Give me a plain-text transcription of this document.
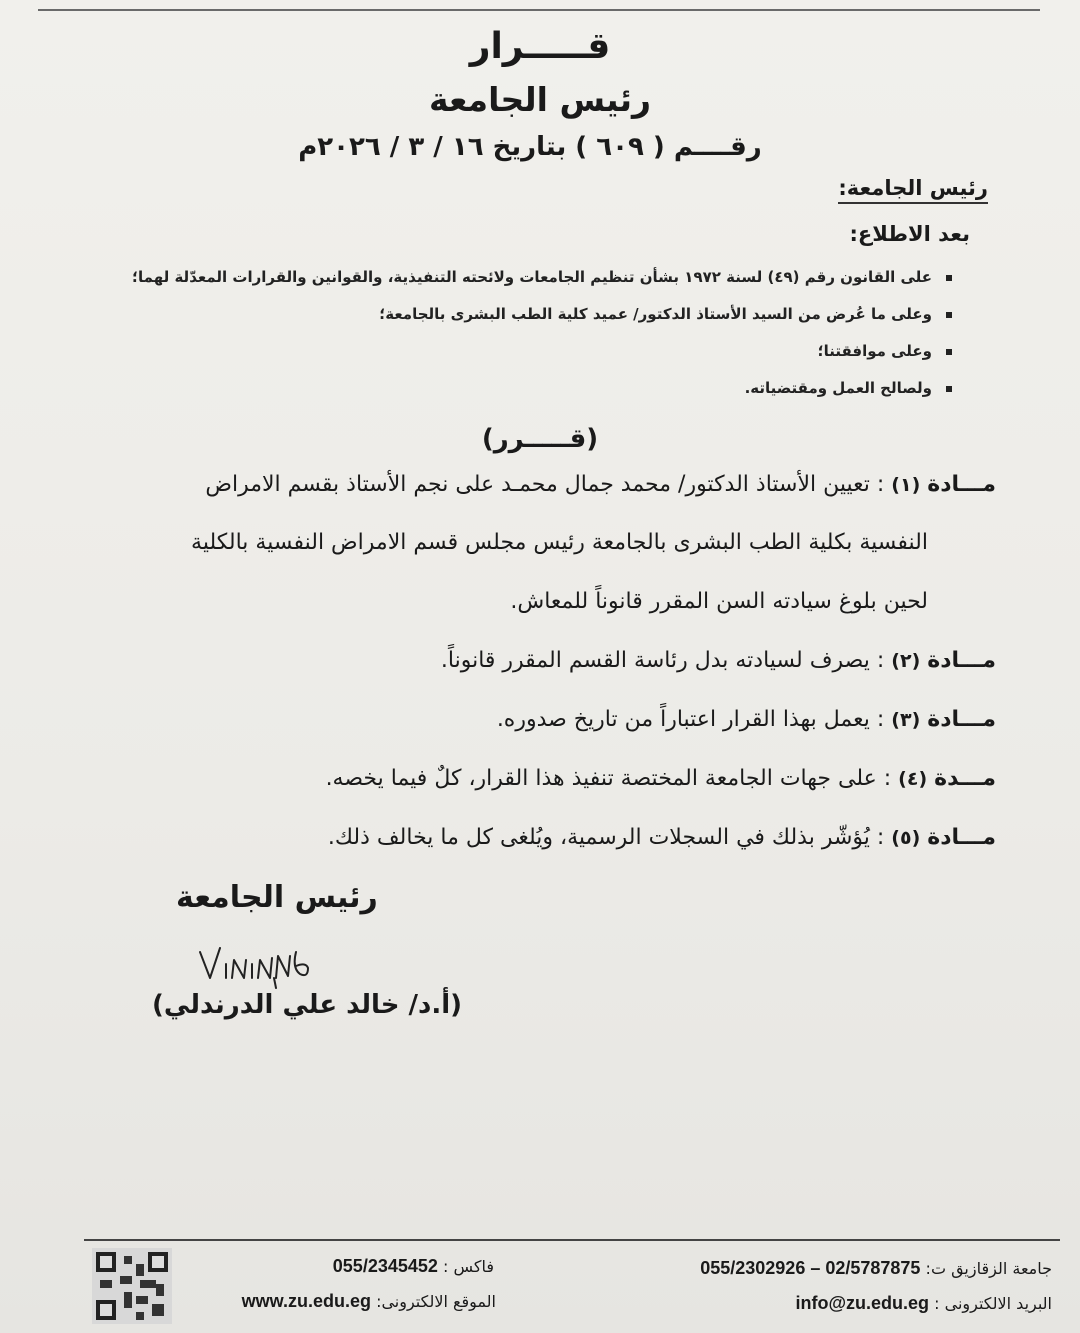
قـــــرار
رئيس الجامعة
رقــــم ( ٦٠٩ ) بتاريخ ١٦ / ٣ / ٢٠٢٦م
رئيس الجامعة:
بعد الاطلاع:
على القانون رقم (٤٩) لسنة ١٩٧٢ بشأن تنظيم الجامعات ولائحته التنفيذية، والقوانين والقرارات المعدّلة لهما؛
وعلى ما عُرض من السيد الأستاذ الدكتور/ عميد كلية الطب البشرى بالجامعة؛
وعلى موافقتنا؛
ولصالح العمل ومقتضياته.
(قـــــرر)
مـــادة (١) : تعيين الأستاذ الدكتور/ محمد جمال محمـد على نجم الأستاذ بقسم الامراض
النفسية بكلية الطب البشرى بالجامعة رئيس مجلس قسم الامراض النفسية بالكلية
لحين بلوغ سيادته السن المقرر قانوناً للمعاش.
مـــادة (٢) : يصرف لسيادته بدل رئاسة القسم المقرر قانوناً.
مـــادة (٣) : يعمل بهذا القرار اعتباراً من تاريخ صدوره.
مـــدة (٤) : على جهات الجامعة المختصة تنفيذ هذا القرار، كلٌ فيما يخصه.
مـــادة (٥) : يُؤشّر بذلك في السجلات الرسمية، ويُلغى كل ما يخالف ذلك.
رئيس الجامعة
(أ.د/ خالد علي الدرندلي)
جامعة الزقازيق ت: 02/5787875 – 055/2302926
البريد الالكترونى : info@zu.edu.eg
فاكس : 055/2345452
الموقع الالكترونى: www.zu.edu.eg
